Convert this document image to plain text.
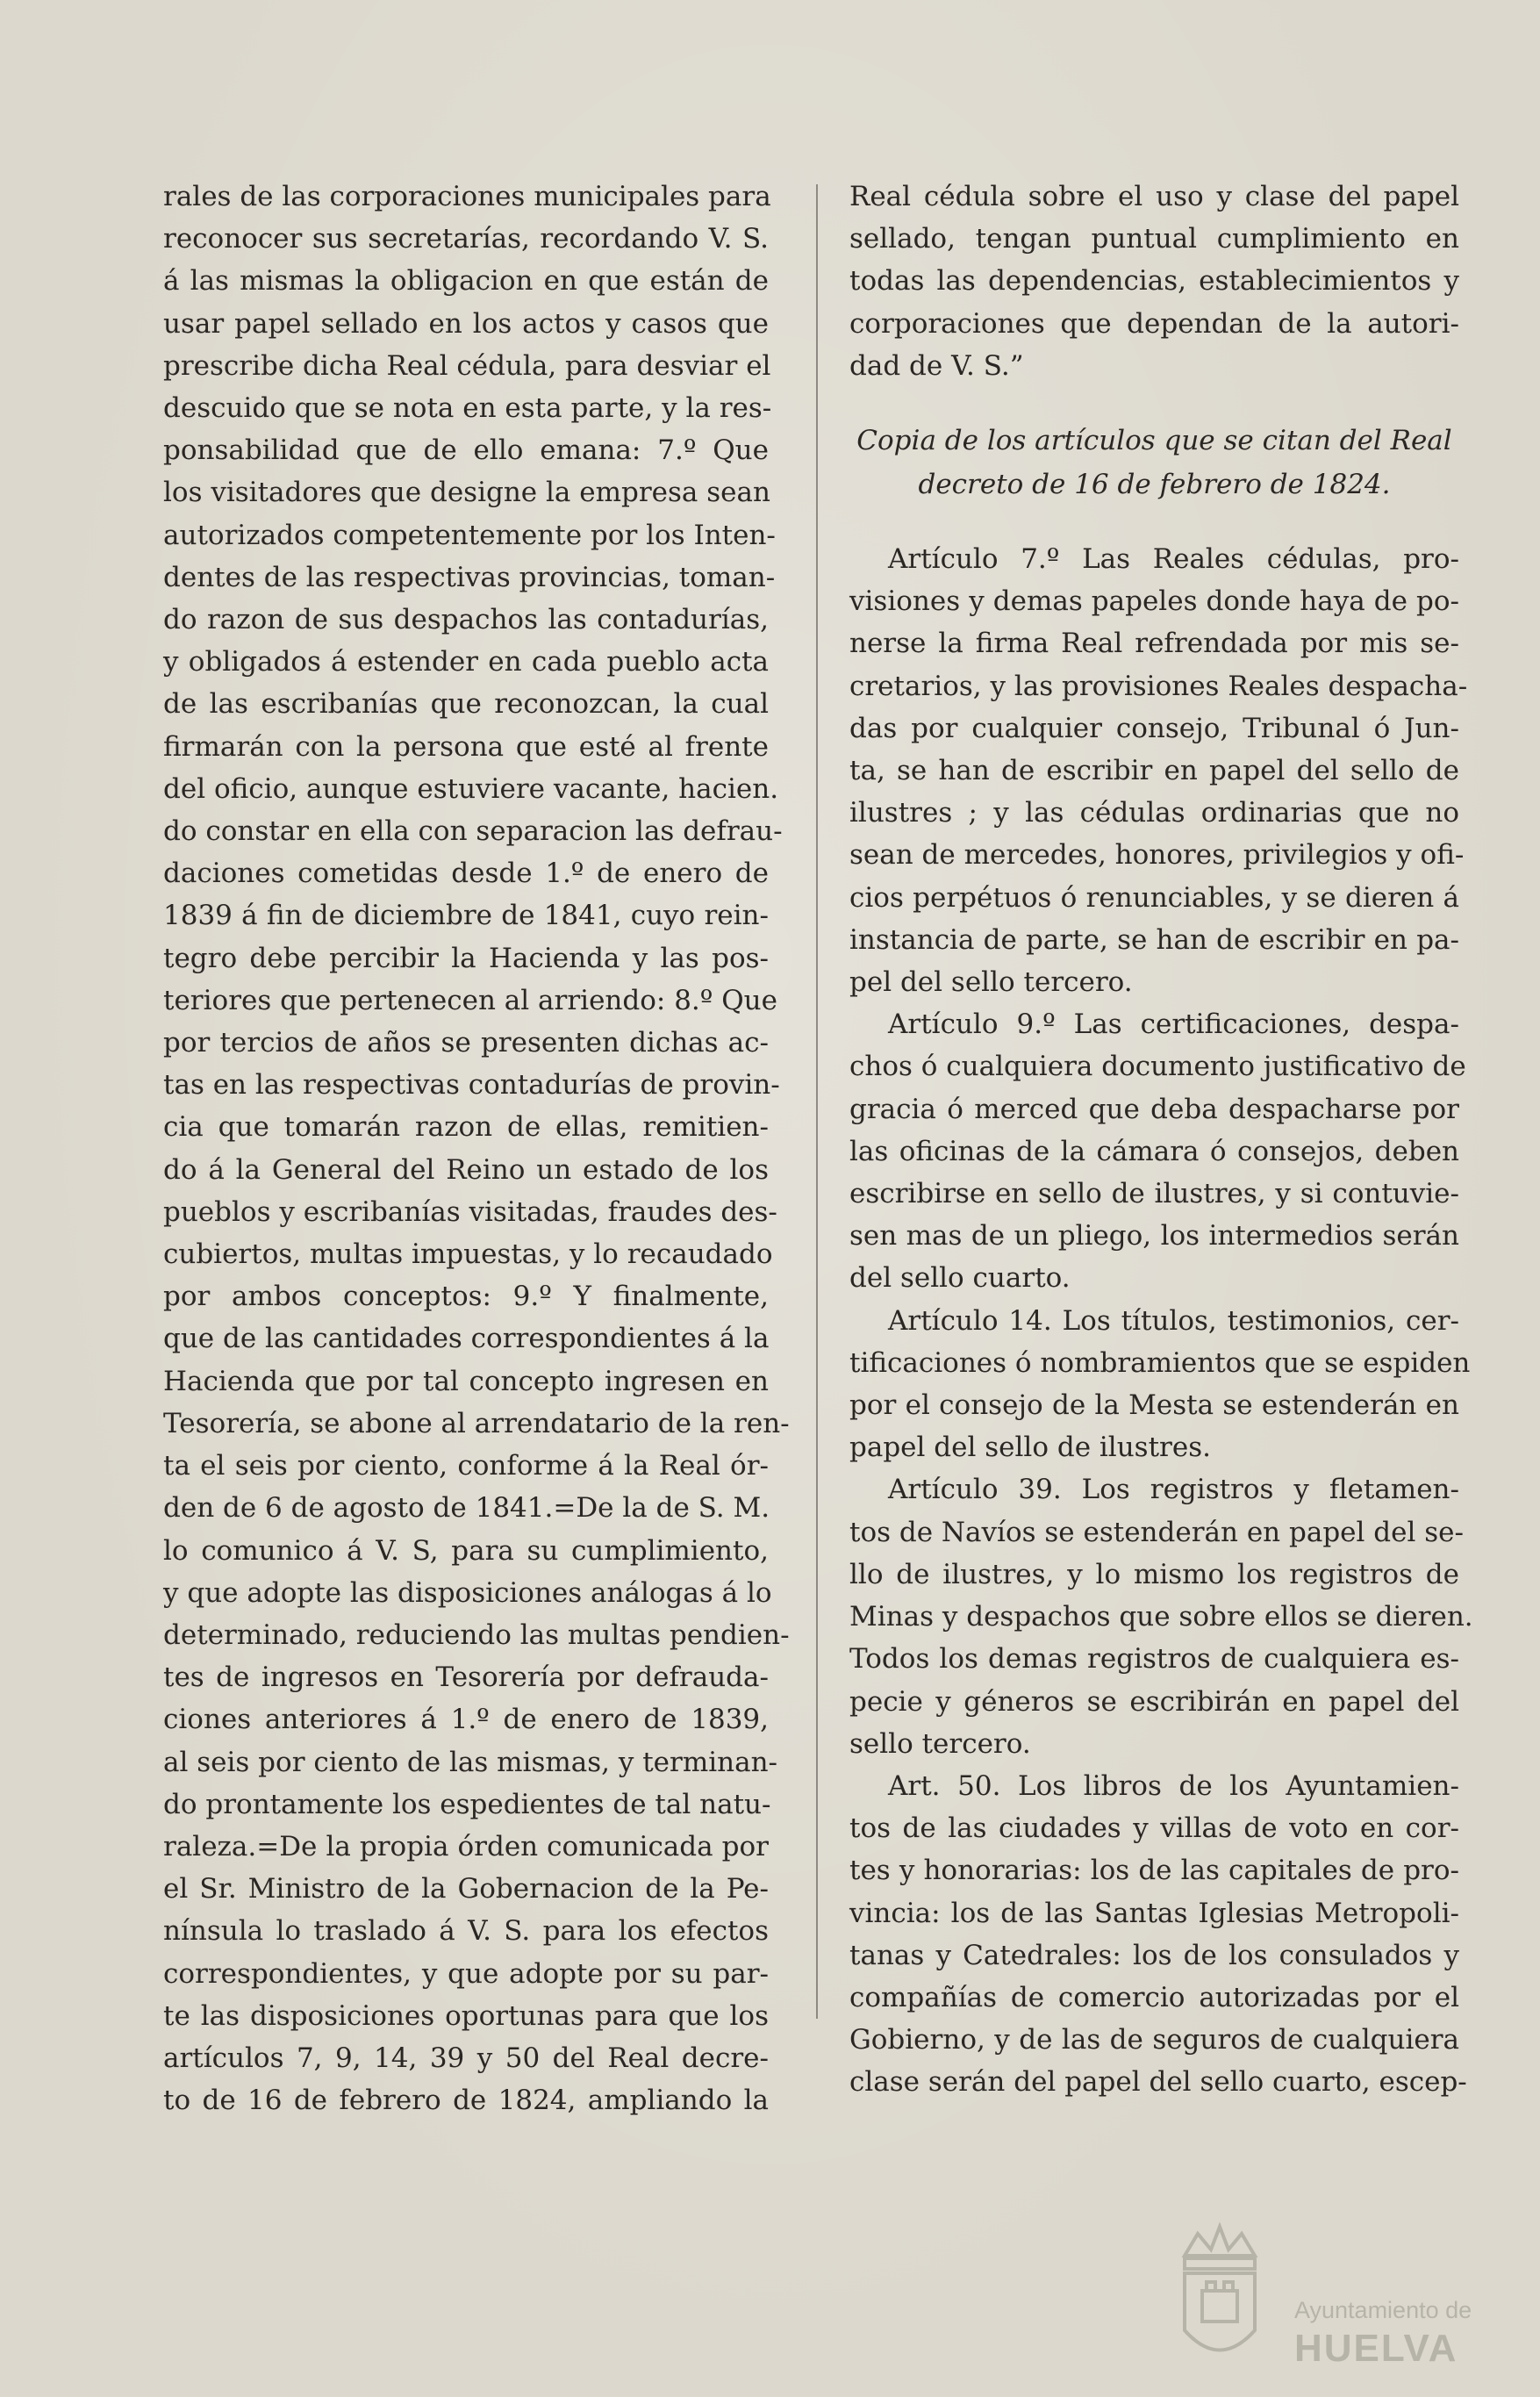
rales de las corporaciones municipales para
reconocer sus secretarías, recordando V. S.
á las mismas la obligacion en que están de
usar papel sellado en los actos y casos que
prescribe dicha Real cédula, para desviar el
descuido que se nota en esta parte, y la res-
ponsabilidad que de ello emana: 7.º Que
los visitadores que designe la empresa sean
autorizados competentemente por los Inten-
dentes de las respectivas provincias, toman-
do razon de sus despachos las contadurías,
y obligados á estender en cada pueblo acta
de las escribanías que reconozcan, la cual
firmarán con la persona que esté al frente
del oficio, aunque estuviere vacante, hacien.
do constar en ella con separacion las defrau-
daciones cometidas desde 1.º de enero de
1839 á fin de diciembre de 1841, cuyo rein-
tegro debe percibir la Hacienda y las pos-
teriores que pertenecen al arriendo: 8.º Que
por tercios de años se presenten dichas ac-
tas en las respectivas contadurías de provin-
cia que tomarán razon de ellas, remitien-
do á la General del Reino un estado de los
pueblos y escribanías visitadas, fraudes des-
cubiertos, multas impuestas, y lo recaudado
por ambos conceptos: 9.º Y finalmente,
que de las cantidades correspondientes á la
Hacienda que por tal concepto ingresen en
Tesorería, se abone al arrendatario de la ren-
ta el seis por ciento, conforme á la Real ór-
den de 6 de agosto de 1841.=De la de S. M.
lo comunico á V. S, para su cumplimiento,
y que adopte las disposiciones análogas á lo
determinado, reduciendo las multas pendien-
tes de ingresos en Tesorería por defrauda-
ciones anteriores á 1.º de enero de 1839,
al seis por ciento de las mismas, y terminan-
do prontamente los espedientes de tal natu-
raleza.=De la propia órden comunicada por
el Sr. Ministro de la Gobernacion de la Pe-
nínsula lo traslado á V. S. para los efectos
correspondientes, y que adopte por su par-
te las disposiciones oportunas para que los
artículos 7, 9, 14, 39 y 50 del Real decre-
to de 16 de febrero de 1824, ampliando la
Real cédula sobre el uso y clase del papel
sellado, tengan puntual cumplimiento en
todas las dependencias, establecimientos y
corporaciones que dependan de la autori-
dad de V. S.”
Copia de los artículos que se citan del Real
decreto de 16 de febrero de 1824.
Artículo 7.º Las Reales cédulas, pro-
visiones y demas papeles donde haya de po-
nerse la firma Real refrendada por mis se-
cretarios, y las provisiones Reales despacha-
das por cualquier consejo, Tribunal ó Jun-
ta, se han de escribir en papel del sello de
ilustres ; y las cédulas ordinarias que no
sean de mercedes, honores, privilegios y ofi-
cios perpétuos ó renunciables, y se dieren á
instancia de parte, se han de escribir en pa-
pel del sello tercero.
Artículo 9.º Las certificaciones, despa-
chos ó cualquiera documento justificativo de
gracia ó merced que deba despacharse por
las oficinas de la cámara ó consejos, deben
escribirse en sello de ilustres, y si contuvie-
sen mas de un pliego, los intermedios serán
del sello cuarto.
Artículo 14. Los títulos, testimonios, cer-
tificaciones ó nombramientos que se espiden
por el consejo de la Mesta se estenderán en
papel del sello de ilustres.
Artículo 39. Los registros y fletamen-
tos de Navíos se estenderán en papel del se-
llo de ilustres, y lo mismo los registros de
Minas y despachos que sobre ellos se dieren.
Todos los demas registros de cualquiera es-
pecie y géneros se escribirán en papel del
sello tercero.
Art. 50. Los libros de los Ayuntamien-
tos de las ciudades y villas de voto en cor-
tes y honorarias: los de las capitales de pro-
vincia: los de las Santas Iglesias Metropoli-
tanas y Catedrales: los de los consulados y
compañías de comercio autorizadas por el
Gobierno, y de las de seguros de cualquiera
clase serán del papel del sello cuarto, escep-
Ayuntamiento de
HUELVA
